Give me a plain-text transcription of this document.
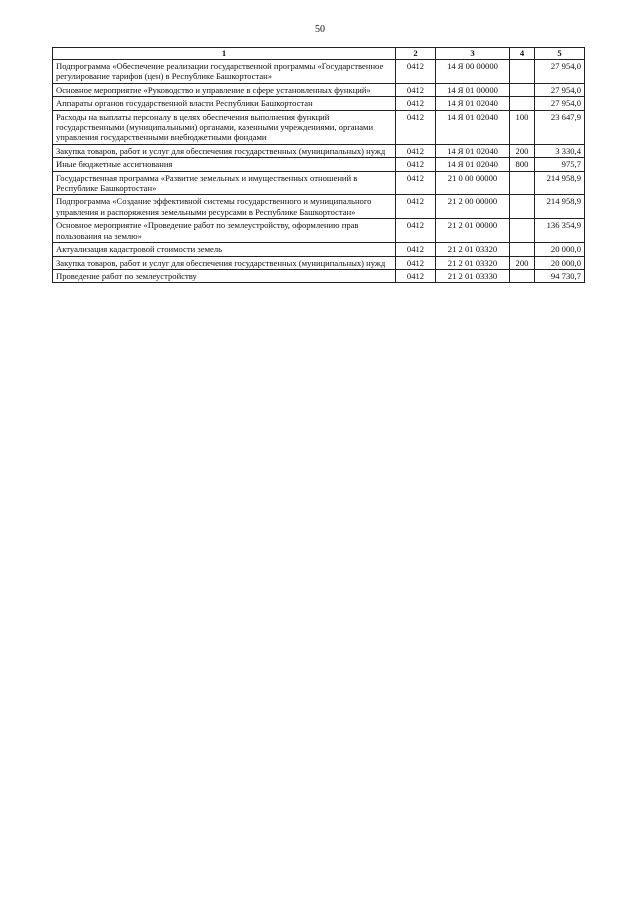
50
1	2	3	4	5
Подпрограмма «Обеспечение реализации государственной программы «Государственное регулирование тарифов (цен) в Республике Башкортостан»	0412	14 Я 00 00000		27 954,0
Основное мероприятие «Руководство и управление в сфере установленных функций»	0412	14 Я 01 00000		27 954,0
Аппараты органов государственной власти Республики Башкортостан	0412	14 Я 01 02040		27 954,0
Расходы на выплаты персоналу в целях обеспечения выполнения функций государственными (муниципальными) органами, казенными учреждениями, органами управления государственными внебюджетными фондами	0412	14 Я 01 02040	100	23 647,9
Закупка товаров, работ и услуг для обеспечения государственных (муниципальных) нужд	0412	14 Я 01 02040	200	3 330,4
Иные бюджетные ассигнования	0412	14 Я 01 02040	800	975,7
Государственная программа «Развитие земельных и имущественных отношений в Республике Башкортостан»	0412	21 0 00 00000		214 958,9
Подпрограмма «Создание эффективной системы государственного и муниципального управления и распоряжения земельными ресурсами в Республике Башкортостан»	0412	21 2 00 00000		214 958,9
Основное мероприятие «Проведение работ по землеустройству, оформлению прав пользования на землю»	0412	21 2 01 00000		136 354,9
Актуализация кадастровой стоимости земель	0412	21 2 01 03320		20 000,0
Закупка товаров, работ и услуг для обеспечения государственных (муниципальных) нужд	0412	21 2 01 03320	200	20 000,0
Проведение работ по землеустройству	0412	21 2 01 03330		94 730,7
